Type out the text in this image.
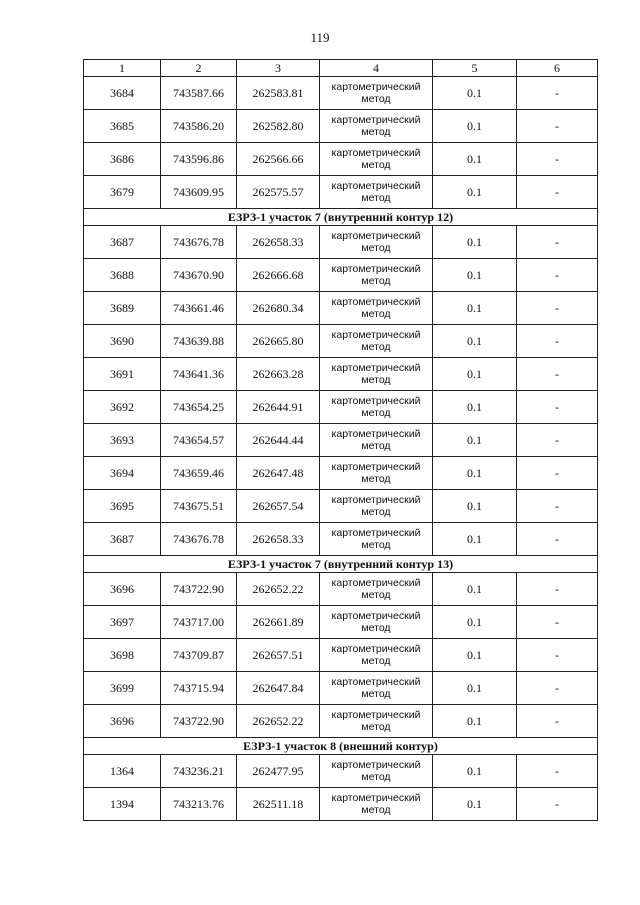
119
1	2	3	4	5	6
3684	743587.66	262583.81	картометрический метод	0.1	-
3685	743586.20	262582.80	картометрический метод	0.1	-
3686	743596.86	262566.66	картометрический метод	0.1	-
3679	743609.95	262575.57	картометрический метод	0.1	-
ЕЗРЗ-1 участок 7 (внутренний контур 12)					
3687	743676.78	262658.33	картометрический метод	0.1	-
3688	743670.90	262666.68	картометрический метод	0.1	-
3689	743661.46	262680.34	картометрический метод	0.1	-
3690	743639.88	262665.80	картометрический метод	0.1	-
3691	743641.36	262663.28	картометрический метод	0.1	-
3692	743654.25	262644.91	картометрический метод	0.1	-
3693	743654.57	262644.44	картометрический метод	0.1	-
3694	743659.46	262647.48	картометрический метод	0.1	-
3695	743675.51	262657.54	картометрический метод	0.1	-
3687	743676.78	262658.33	картометрический метод	0.1	-
ЕЗРЗ-1 участок 7 (внутренний контур 13)					
3696	743722.90	262652.22	картометрический метод	0.1	-
3697	743717.00	262661.89	картометрический метод	0.1	-
3698	743709.87	262657.51	картометрический метод	0.1	-
3699	743715.94	262647.84	картометрический метод	0.1	-
3696	743722.90	262652.22	картометрический метод	0.1	-
ЕЗРЗ-1 участок 8 (внешний контур)					
1364	743236.21	262477.95	картометрический метод	0.1	-
1394	743213.76	262511.18	картометрический метод	0.1	-
